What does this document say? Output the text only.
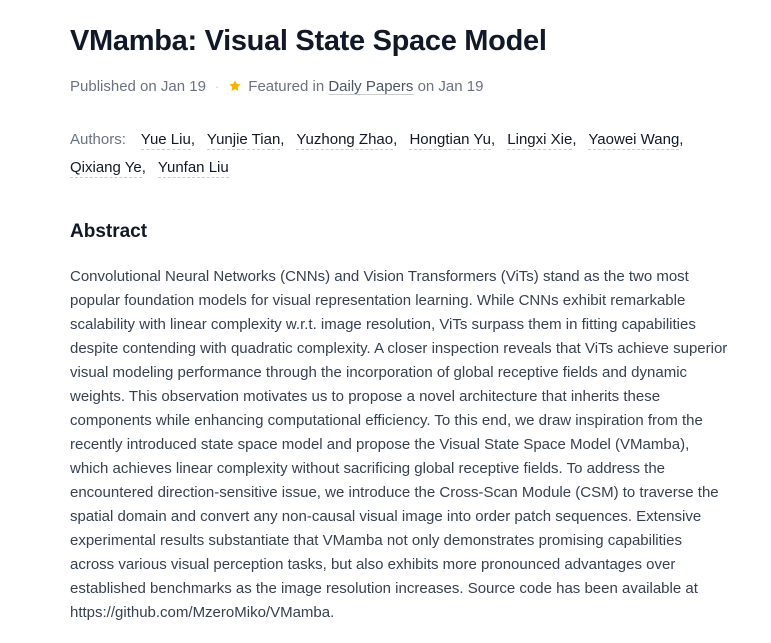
VMamba: Visual State Space Model
Published on Jan 19 · Featured in
Daily Papers
on Jan 19
Authors: Yue Liu, Yunjie Tian, Yuzhong Zhao, Hongtian Yu, Lingxi Xie, Yaowei Wang, Qixiang Ye, Yunfan Liu
Abstract

Convolutional Neural Networks (CNNs) and Vision Transformers (ViTs) stand as the two most popular foundation models for visual representation learning. While CNNs exhibit remarkable scalability with linear complexity w.r.t. image resolution, ViTs surpass them in fitting capabilities despite contending with quadratic complexity. A closer inspection reveals that ViTs achieve superior visual modeling performance through the incorporation of global receptive fields and dynamic weights. This observation motivates us to propose a novel architecture that inherits these components while enhancing computational efficiency. To this end, we draw inspiration from the recently introduced state space model and propose the Visual State Space Model (VMamba), which achieves linear complexity without sacrificing global receptive fields. To address the encountered direction-sensitive issue, we introduce the Cross-Scan Module (CSM) to traverse the spatial domain and convert any non-causal visual image into order patch sequences. Extensive experimental results substantiate that VMamba not only demonstrates promising capabilities across various visual perception tasks, but also exhibits more pronounced advantages over established benchmarks as the image resolution increases. Source code has been available at https://github.com/MzeroMiko/VMamba.
